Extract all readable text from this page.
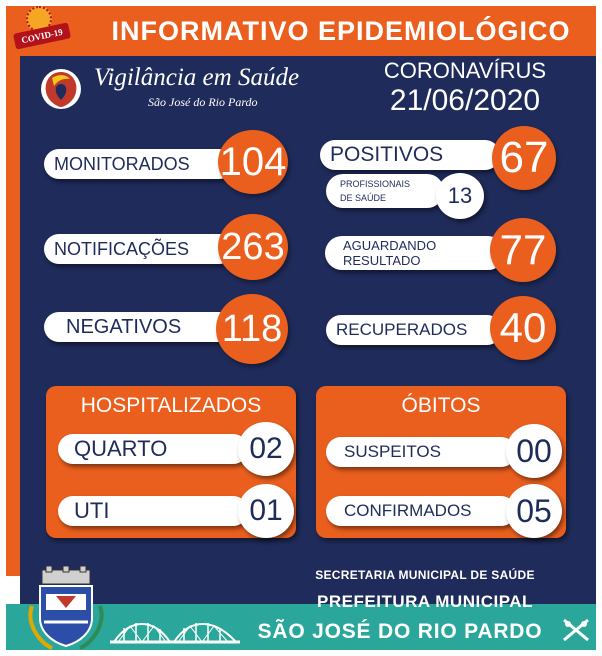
INFORMATIVO EPIDEMIOLÓGICO
COVID-19
Vigilância em Saúde
São José do Rio Pardo
CORONAVÍRUS
21/06/2020
MONITORADOS 104
NOTIFICAÇÕES 263
NEGATIVOS 118
POSITIVOS 67
PROFISSIONAIS
DE SAÚDE	13
AGUARDANDO
RESULTADO	77
RECUPERADOS 40
HOSPITALIZADOS
QUARTO	02
UTI	01
ÓBITOS
SUSPEITOS	00
CONFIRMADOS	05
SECRETARIA MUNICIPAL DE SAÚDE
PREFEITURA MUNICIPAL
SÃO JOSÉ DO RIO PARDO
